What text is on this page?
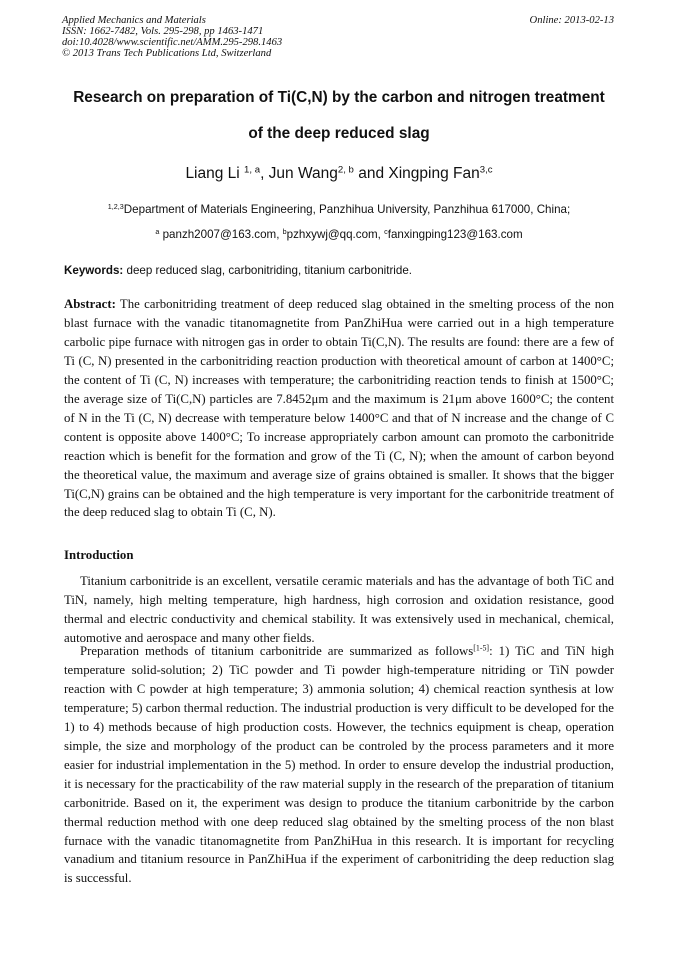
Applied Mechanics and Materials
ISSN: 1662-7482, Vols. 295-298, pp 1463-1471
doi:10.4028/www.scientific.net/AMM.295-298.1463
© 2013 Trans Tech Publications Ltd, Switzerland
Online: 2013-02-13
Research on preparation of Ti(C,N) by the carbon and nitrogen treatment
of the deep reduced slag
Liang Li $^{1, a}$, Jun Wang$^{2, b}$ and Xingping Fan$^{3,c}$
$^{1,2,3}$Department of Materials Engineering, Panzhihua University, Panzhihua 617000, China;
$^a$ panzh2007@163.com, $^b$pzhxywj@qq.com, $^c$fanxingping123@163.com
Keywords: deep reduced slag, carbonitriding, titanium carbonitride.
Abstract: The carbonitriding treatment of deep reduced slag obtained in the smelting process of the non blast furnace with the vanadic titanomagnetite from PanZhiHua were carried out in a high temperature carbolic pipe furnace with nitrogen gas in order to obtain Ti(C,N). The results are found: there are a few of Ti (C, N) presented in the carbonitriding reaction production with theoretical amount of carbon at 1400°C; the content of Ti (C, N) increases with temperature; the carbonitriding reaction tends to finish at 1500°C; the average size of Ti(C,N) particles are 7.8452μm and the maximum is 21μm above 1600°C; the content of N in the Ti (C, N) decrease with temperature below 1400°C and that of N increase and the change of C content is opposite above 1400°C; To increase appropriately carbon amount can promoto the carbonitride reaction which is benefit for the formation and grow of the Ti (C, N); when the amount of carbon beyond the theoretical value, the maximum and average size of grains obtained is smaller. It shows that the bigger Ti(C,N) grains can be obtained and the high temperature is very important for the carbonitride treatment of the deep reduced slag to obtain Ti (C, N).
Introduction
Titanium carbonitride is an excellent, versatile ceramic materials and has the advantage of both TiC and TiN, namely, high melting temperature, high hardness, high corrosion and oxidation resistance, good thermal and electric conductivity and chemical stability. It was extensively used in mechanical, chemical, automotive and aerospace and many other fields.
Preparation methods of titanium carbonitride are summarized as follows[1-5]: 1) TiC and TiN high temperature solid-solution; 2) TiC powder and Ti powder high-temperature nitriding or TiN powder reaction with C powder at high temperature; 3) ammonia solution; 4) chemical reaction synthesis at low temperature; 5) carbon thermal reduction. The industrial production is very difficult to be developed for the 1) to 4) methods because of high production costs. However, the technics equipment is cheap, operation simple, the size and morphology of the product can be controled by the process parameters and it more easier for industrial implementation in the 5) method. In order to ensure develop the industrial production, it is necessary for the practicability of the raw material supply in the research of the preparation of titanium carbonitride. Based on it, the experiment was design to produce the titanium carbonitride by the carbon thermal reduction method with one deep reduced slag obtained by the smelting process of the non blast furnace with the vanadic titanomagnetite from PanZhiHua in this research. It is important for recycling vanadium and titanium resource in PanZhiHua if the experiment of carbonitriding the deep reduction slag is successful.
